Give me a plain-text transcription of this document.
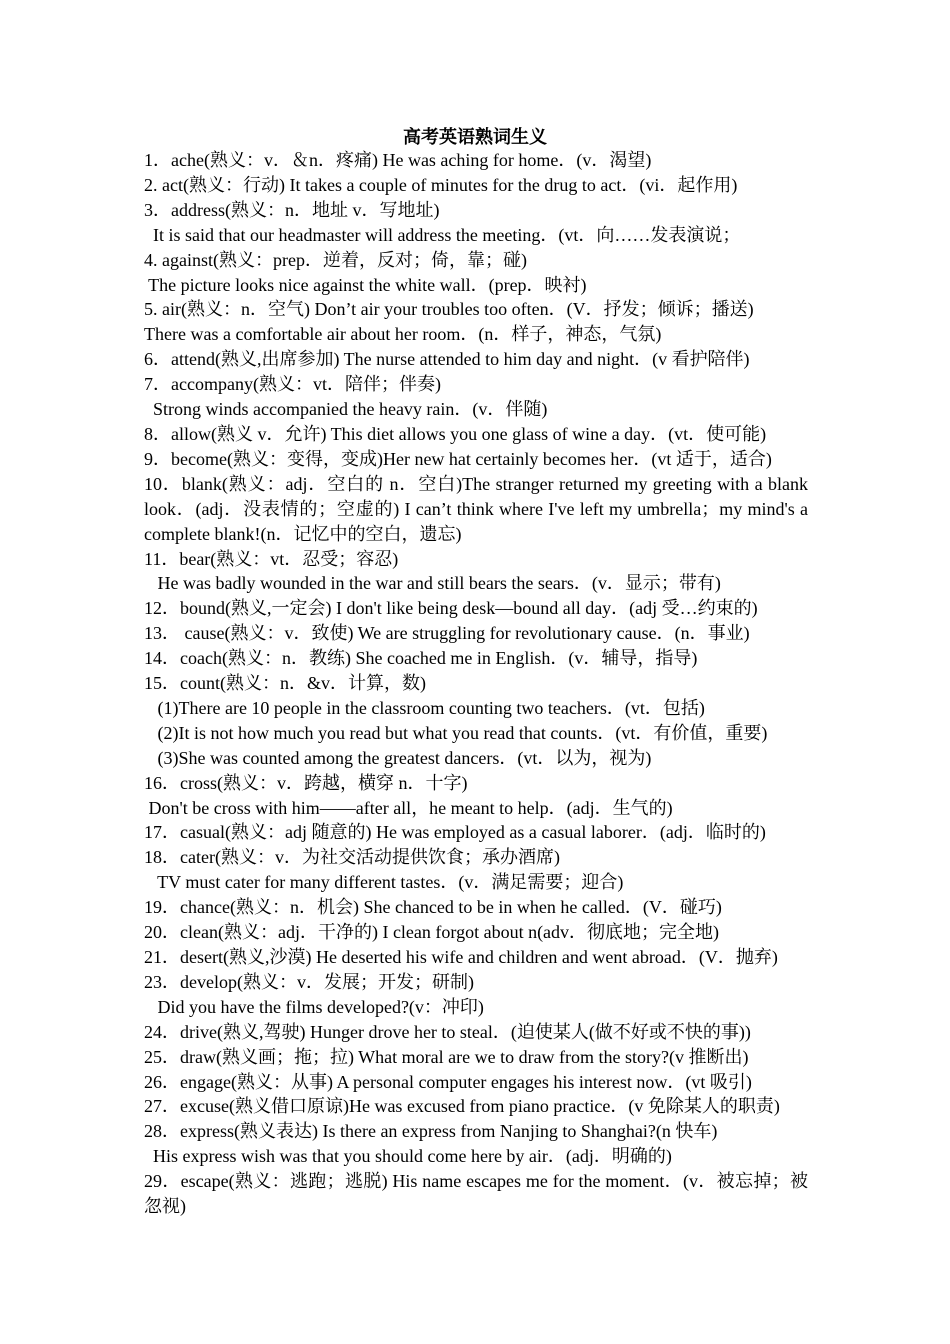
高考英语熟词生义

1．ache(熟义：v．＆n．疼痛) He was aching for home．(v．渴望)

2. act(熟义：行动) It takes a couple of minutes for the drug to act．(vi．起作用)

3．address(熟义：n．地址 v．写地址)

It is said that our headmaster will address the meeting．(vt．向……发表演说；

4. against(熟义：prep．逆着，反对；倚，靠；碰)

The picture looks nice against the white wall．(prep．映衬)

5. air(熟义：n．空气) Don’t air your troubles too often．(V．抒发；倾诉；播送)

There was a comfortable air about her room．(n．样子，神态，气氛)

6．attend(熟义,出席参加) The nurse attended to him day and night．(v 看护陪伴)

7．accompany(熟义：vt．陪伴；伴奏)

Strong winds accompanied the heavy rain．(v．伴随)

8．allow(熟义 v．允许) This diet allows you one glass of wine a day．(vt．使可能)

9．become(熟义：变得，变成)Her new hat certainly becomes her．(vt 适于，适合)

10．blank(熟义：adj．空白的 n．空白)The stranger returned my greeting with a blank look．(adj．没表情的；空虚的) I can’t think where I've left my umbrella；my mind's a complete blank!(n．记忆中的空白，遗忘)

11．bear(熟义：vt．忍受；容忍)

He was badly wounded in the war and still bears the sears．(v．显示；带有)

12．bound(熟义,一定会) I don't like being desk—bound all day．(adj 受…约束的)

13． cause(熟义：v．致使) We are struggling for revolutionary cause．(n．事业)

14．coach(熟义：n．教练) She coached me in English．(v．辅导，指导)

15．count(熟义：n．&v．计算，数)

(1)There are 10 people in the classroom counting two teachers．(vt．包括)

(2)It is not how much you read but what you read that counts．(vt．有价值，重要)

(3)She was counted among the greatest dancers．(vt．以为，视为)

16．cross(熟义：v．跨越，横穿 n．十字)

Don't be cross with him——after all，he meant to help．(adj．生气的)

17．casual(熟义：adj 随意的) He was employed as a casual laborer．(adj．临时的)

18．cater(熟义：v．为社交活动提供饮食；承办酒席)

TV must cater for many different tastes．(v．满足需要；迎合)

19．chance(熟义：n．机会) She chanced to be in when he called．(V．碰巧)

20．clean(熟义：adj．干净的) I clean forgot about n(adv．彻底地；完全地)

21．desert(熟义,沙漠) He deserted his wife and children and went abroad．(V．抛弃)

23．develop(熟义：v．发展；开发；研制)

Did you have the films developed?(v：冲印)

24．drive(熟义,驾驶) Hunger drove her to steal．(迫使某人(做不好或不快的事))

25．draw(熟义画；拖；拉) What moral are we to draw from the story?(v 推断出)

26．engage(熟义：从事) A personal computer engages his interest now．(vt 吸引)

27．excuse(熟义借口原谅)He was excused from piano practice．(v 免除某人的职责)

28．express(熟义表达) Is there an express from Nanjing to Shanghai?(n 快车)

His express wish was that you should come here by air．(adj．明确的)

29．escape(熟义：逃跑；逃脱) His name escapes me for the moment．(v．被忘掉；被忽视)
